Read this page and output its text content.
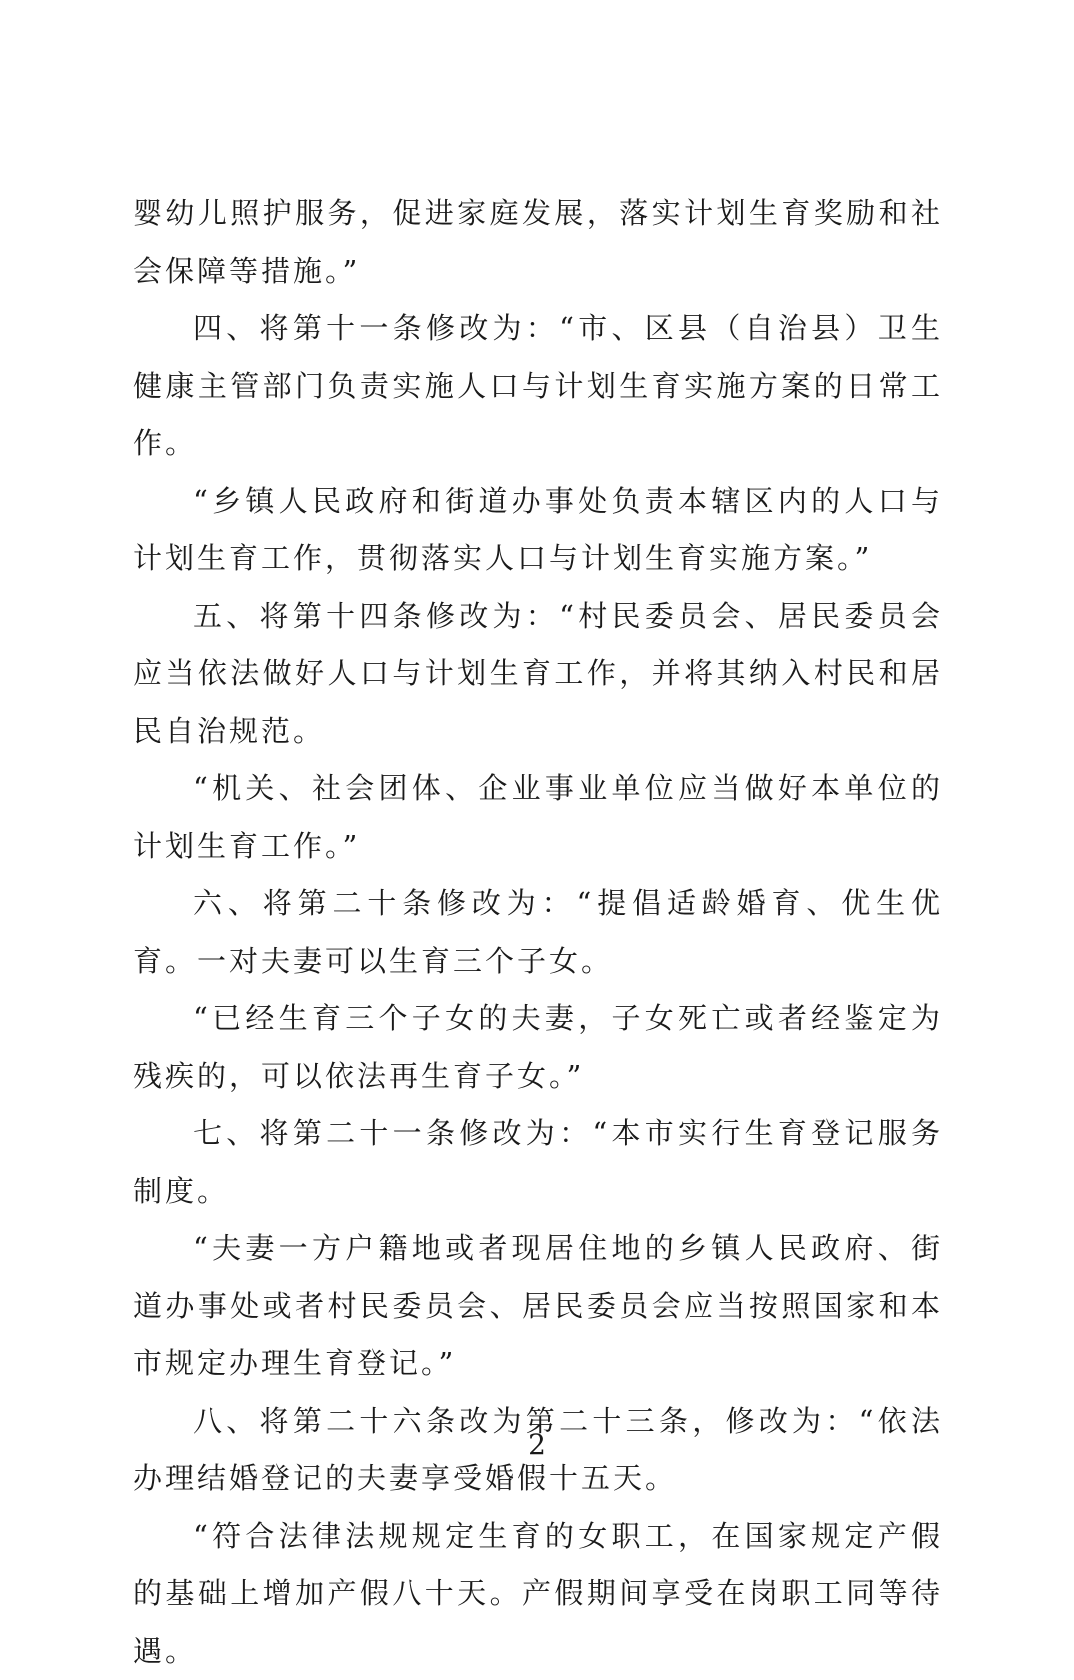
婴幼儿照护服务，促进家庭发展，落实计划生育奖励和社会保障等措施。”

四、将第十一条修改为：“市、区县（自治县）卫生健康主管部门负责实施人口与计划生育实施方案的日常工作。

“乡镇人民政府和街道办事处负责本辖区内的人口与计划生育工作，贯彻落实人口与计划生育实施方案。”

五、将第十四条修改为：“村民委员会、居民委员会应当依法做好人口与计划生育工作，并将其纳入村民和居民自治规范。

“机关、社会团体、企业事业单位应当做好本单位的计划生育工作。”

六、将第二十条修改为：“提倡适龄婚育、优生优育。一对夫妻可以生育三个子女。

“已经生育三个子女的夫妻，子女死亡或者经鉴定为残疾的，可以依法再生育子女。”

七、将第二十一条修改为：“本市实行生育登记服务制度。

“夫妻一方户籍地或者现居住地的乡镇人民政府、街道办事处或者村民委员会、居民委员会应当按照国家和本市规定办理生育登记。”

八、将第二十六条改为第二十三条，修改为：“依法办理结婚登记的夫妻享受婚假十五天。

“符合法律法规规定生育的女职工，在国家规定产假的基础上增加产假八十天。产假期间享受在岗职工同等待遇。

2
